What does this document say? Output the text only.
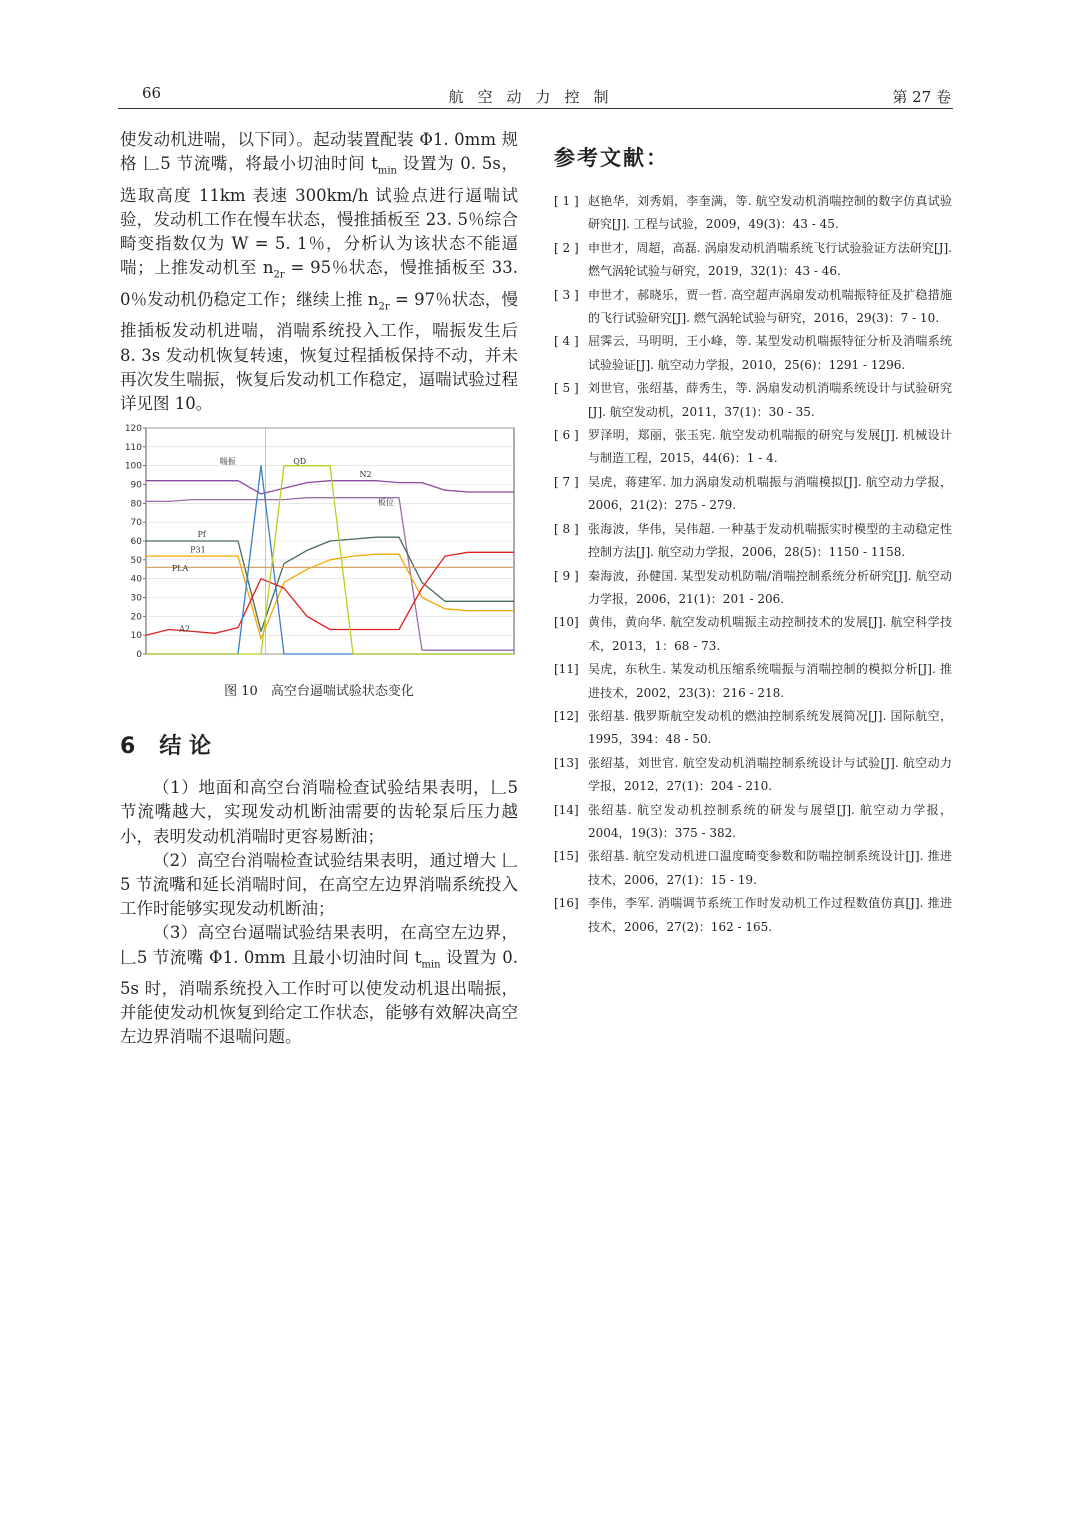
66	航空动力控制	第 27 卷

使发动机进喘，以下同）。起动装置配装 Φ1. 0mm 规格 𠃊5 节流嘴，将最小切油时间 $t_{min}$ 设置为 0. 5s，选取高度 11km 表速 300km/h 试验点进行逼喘试验，发动机工作在慢车状态，慢推插板至 23. 5％综合畸变指数仅为 W = 5. 1％，分析认为该状态不能逼喘；上推发动机至 $n_{2r} = 95$％状态，慢推插板至 33. 0％发动机仍稳定工作；继续上推 $n_{2r} = 97$％状态，慢推插板发动机进喘，消喘系统投入工作，喘振发生后 8. 3s 发动机恢复转速，恢复过程插板保持不动，并未再次发生喘振，恢复后发动机工作稳定，逼喘试验过程详见图 10。

0
10
20
30
40
50
60
70
80
90
100
110
120
喘振	QD
N2
板位
Pf
P31
PLA
A2
图 10　高空台逼喘试验状态变化
6 结 论

（1）地面和高空台消喘检查试验结果表明，𠃊5 节流嘴越大，实现发动机断油需要的齿轮泵后压力越小，表明发动机消喘时更容易断油；

（2）高空台消喘检查试验结果表明，通过增大 𠃊5 节流嘴和延长消喘时间，在高空左边界消喘系统投入工作时能够实现发动机断油；

（3）高空台逼喘试验结果表明，在高空左边界，𠃊5 节流嘴 Φ1. 0mm 且最小切油时间 $t_{min}$ 设置为 0. 5s 时，消喘系统投入工作时可以使发动机退出喘振，并能使发动机恢复到给定工作状态，能够有效解决高空左边界消喘不退喘问题。

参考文献：
[ 1 ] 赵艳华，刘秀娟，李奎满，等. 航空发动机消喘控制的数字仿真试验研究[J]. 工程与试验，2009，49(3)：43 - 45.
[ 2 ] 申世才，周超，高磊. 涡扇发动机消喘系统飞行试验验证方法研究[J]. 燃气涡轮试验与研究，2019，32(1)：43 - 46.
[ 3 ] 申世才，郝晓乐，贾一哲. 高空超声涡扇发动机喘振特征及扩稳措施的飞行试验研究[J]. 燃气涡轮试验与研究，2016，29(3)：7 - 10.
[ 4 ] 屈霁云，马明明，王小峰，等. 某型发动机喘振特征分析及消喘系统试验验证[J]. 航空动力学报，2010，25(6)：1291 - 1296.
[ 5 ] 刘世官，张绍基，薛秀生，等. 涡扇发动机消喘系统设计与试验研究[J]. 航空发动机，2011，37(1)：30 - 35.
[ 6 ] 罗泽明，郑丽，张玉宪. 航空发动机喘振的研究与发展[J]. 机械设计与制造工程，2015，44(6)：1 - 4.
[ 7 ] 吴虎，蒋建军. 加力涡扇发动机喘振与消喘模拟[J]. 航空动力学报，2006，21(2)：275 - 279.
[ 8 ] 张海波，华伟，吴伟超. 一种基于发动机喘振实时模型的主动稳定性控制方法[J]. 航空动力学报，2006，28(5)：1150 - 1158.
[ 9 ] 秦海波，孙健国. 某型发动机防喘/消喘控制系统分析研究[J]. 航空动力学报，2006，21(1)：201 - 206.
[10] 黄伟，黄向华. 航空发动机喘振主动控制技术的发展[J]. 航空科学技术，2013，1：68 - 73.
[11] 吴虎，东秋生. 某发动机压缩系统喘振与消喘控制的模拟分析[J]. 推进技术，2002，23(3)：216 - 218.
[12] 张绍基. 俄罗斯航空发动机的燃油控制系统发展简况[J]. 国际航空，1995，394：48 - 50.
[13] 张绍基，刘世官. 航空发动机消喘控制系统设计与试验[J]. 航空动力学报，2012，27(1)：204 - 210.
[14] 张绍基. 航空发动机控制系统的研发与展望[J]. 航空动力学报，2004，19(3)：375 - 382.
[15] 张绍基. 航空发动机进口温度畸变参数和防喘控制系统设计[J]. 推进技术，2006，27(1)：15 - 19.
[16] 李伟，李军. 消喘调节系统工作时发动机工作过程数值仿真[J]. 推进技术，2006，27(2)：162 - 165.
